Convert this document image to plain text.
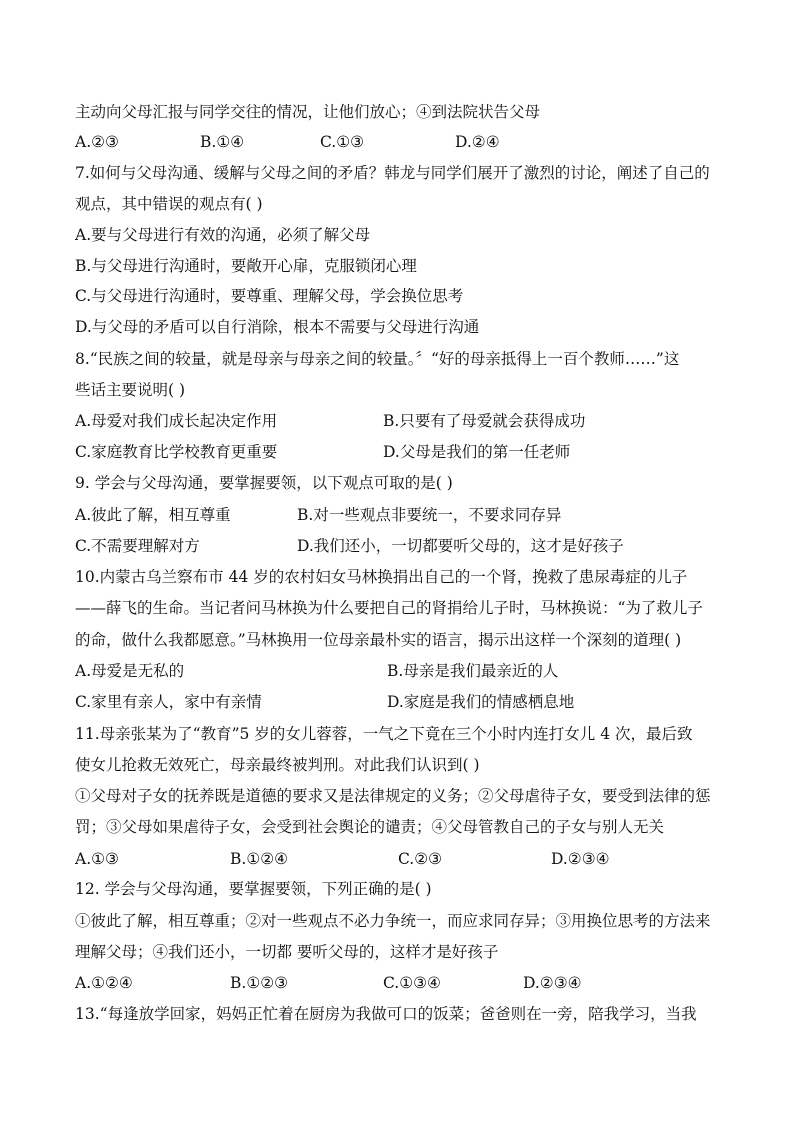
主动向父母汇报与同学交往的情况，让他们放心；④到法院状告父母
A.②③	B.①④	C.①③	D.②④
7.如何与父母沟通、缓解与父母之间的矛盾？韩龙与同学们展开了激烈的讨论，阐述了自己的
观点，其中错误的观点有( )
A.要与父母进行有效的沟通，必须了解父母
B.与父母进行沟通时，要敞开心扉，克服锁闭心理
C.与父母进行沟通时，要尊重、理解父母，学会换位思考
D.与父母的矛盾可以自行消除，根本不需要与父母进行沟通
8.“民族之间的较量，就是母亲与母亲之间的较量。〞“好的母亲抵得上一百个教师……”这
些话主要说明( )
A.母爱对我们成长起决定作用	B.只要有了母爱就会获得成功
C.家庭教育比学校教育更重要	D.父母是我们的第一任老师
9. 学会与父母沟通，要掌握要领，以下观点可取的是( )
A.彼此了解，相互尊重	B.对一些观点非要统一，不要求同存异
C.不需要理解对方	D.我们还小，一切都要听父母的，这才是好孩子
10.内蒙古乌兰察布市 44 岁的农村妇女马林换捐出自己的一个肾，挽救了患尿毒症的儿子
——薛飞的生命。当记者问马林换为什么要把自己的肾捐给儿子时，马林换说：“为了救儿子
的命，做什么我都愿意。”马林换用一位母亲最朴实的语言，揭示出这样一个深刻的道理( )
A.母爱是无私的	B.母亲是我们最亲近的人
C.家里有亲人，家中有亲情	D.家庭是我们的情感栖息地
11.母亲张某为了“教育”5 岁的女儿蓉蓉，一气之下竟在三个小时内连打女儿 4 次，最后致
使女儿抢救无效死亡，母亲最终被判刑。对此我们认识到( )
①父母对子女的抚养既是道德的要求又是法律规定的义务；②父母虐待子女，要受到法律的惩
罚；③父母如果虐待子女，会受到社会舆论的谴责；④父母管教自己的子女与别人无关
A.①③	B.①②④	C.②③	D.②③④
12. 学会与父母沟通，要掌握要领，下列正确的是( )
①彼此了解，相互尊重；②对一些观点不必力争统一，而应求同存异；③用换位思考的方法来
理解父母；④我们还小，一切都 要听父母的，这样才是好孩子
A.①②④	B.①②③	C.①③④	D.②③④
13.“每逢放学回家，妈妈正忙着在厨房为我做可口的饭菜；爸爸则在一旁，陪我学习，当我
